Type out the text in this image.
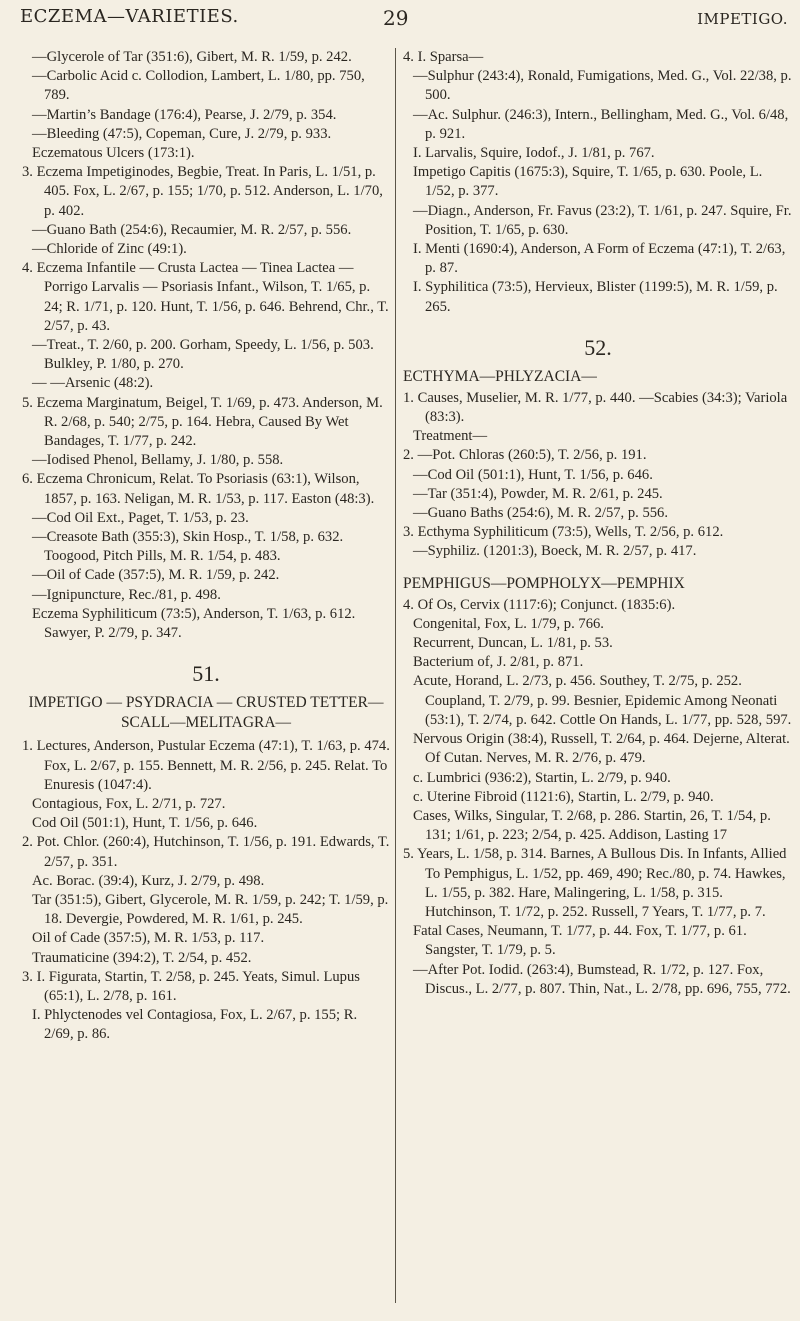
ECZEMA—VARIETIES.	29	IMPETIGO.

—Glycerole of Tar (351:6), Gibert, M. R. 1/59, p. 242.

—Carbolic Acid c. Collodion, Lambert, L. 1/80, pp. 750, 789.

—Martin’s Bandage (176:4), Pearse, J. 2/79, p. 354.

—Bleeding (47:5), Copeman, Cure, J. 2/79, p. 933.

Eczematous Ulcers (173:1).

3. Eczema Impetiginodes, Begbie, Treat. In Paris, L. 1/51, p. 405. Fox, L. 2/67, p. 155; 1/70, p. 512. Anderson, L. 1/70, p. 402.

—Guano Bath (254:6), Recaumier, M. R. 2/57, p. 556.

—Chloride of Zinc (49:1).

4. Eczema Infantile — Crusta Lactea — Tinea Lactea — Porrigo Larvalis — Psoriasis Infant., Wilson, T. 1/65, p. 24; R. 1/71, p. 120. Hunt, T. 1/56, p. 646. Behrend, Chr., T. 2/57, p. 43.

—Treat., T. 2/60, p. 200. Gorham, Speedy, L. 1/56, p. 503. Bulkley, P. 1/80, p. 270.

— —Arsenic (48:2).

5. Eczema Marginatum, Beigel, T. 1/69, p. 473. Anderson, M. R. 2/68, p. 540; 2/75, p. 164. Hebra, Caused By Wet Bandages, T. 1/77, p. 242.

—Iodised Phenol, Bellamy, J. 1/80, p. 558.

6. Eczema Chronicum, Relat. To Psoriasis (63:1), Wilson, 1857, p. 163. Neligan, M. R. 1/53, p. 117. Easton (48:3).

—Cod Oil Ext., Paget, T. 1/53, p. 23.

—Creasote Bath (355:3), Skin Hosp., T. 1/58, p. 632. Toogood, Pitch Pills, M. R. 1/54, p. 483.

—Oil of Cade (357:5), M. R. 1/59, p. 242.

—Ignipuncture, Rec./81, p. 498.

Eczema Syphiliticum (73:5), Anderson, T. 1/63, p. 612. Sawyer, P. 2/79, p. 347.

51.
IMPETIGO — PSYDRACIA — CRUSTED TETTER—SCALL—MELITAGRA—

1. Lectures, Anderson, Pustular Eczema (47:1), T. 1/63, p. 474. Fox, L. 2/67, p. 155. Bennett, M. R. 2/56, p. 245. Relat. To Enuresis (1047:4).

Contagious, Fox, L. 2/71, p. 727.

Cod Oil (501:1), Hunt, T. 1/56, p. 646.

2. Pot. Chlor. (260:4), Hutchinson, T. 1/56, p. 191. Edwards, T. 2/57, p. 351.

Ac. Borac. (39:4), Kurz, J. 2/79, p. 498.

Tar (351:5), Gibert, Glycerole, M. R. 1/59, p. 242; T. 1/59, p. 18. Devergie, Powdered, M. R. 1/61, p. 245.

Oil of Cade (357:5), M. R. 1/53, p. 117.

Traumaticine (394:2), T. 2/54, p. 452.

3. I. Figurata, Startin, T. 2/58, p. 245. Yeats, Simul. Lupus (65:1), L. 2/78, p. 161.

I. Phlyctenodes vel Contagiosa, Fox, L. 2/67, p. 155; R. 2/69, p. 86.

4. I. Sparsa—

—Sulphur (243:4), Ronald, Fumigations, Med. G., Vol. 22/38, p. 500.

—Ac. Sulphur. (246:3), Intern., Bellingham, Med. G., Vol. 6/48, p. 921.

I. Larvalis, Squire, Iodof., J. 1/81, p. 767.

Impetigo Capitis (1675:3), Squire, T. 1/65, p. 630. Poole, L. 1/52, p. 377.

—Diagn., Anderson, Fr. Favus (23:2), T. 1/61, p. 247. Squire, Fr. Position, T. 1/65, p. 630.

I. Menti (1690:4), Anderson, A Form of Eczema (47:1), T. 2/63, p. 87.

I. Syphilitica (73:5), Hervieux, Blister (1199:5), M. R. 1/59, p. 265.

52.
ECTHYMA—PHLYZACIA—

1. Causes, Muselier, M. R. 1/77, p. 440. —Scabies (34:3); Variola (83:3).

Treatment—

2. —Pot. Chloras (260:5), T. 2/56, p. 191.

—Cod Oil (501:1), Hunt, T. 1/56, p. 646.

—Tar (351:4), Powder, M. R. 2/61, p. 245.

—Guano Baths (254:6), M. R. 2/57, p. 556.

3. Ecthyma Syphiliticum (73:5), Wells, T. 2/56, p. 612.

—Syphiliz. (1201:3), Boeck, M. R. 2/57, p. 417.

PEMPHIGUS—POMPHOLYX—PEMPHIX

4. Of Os, Cervix (1117:6); Conjunct. (1835:6).

Congenital, Fox, L. 1/79, p. 766.

Recurrent, Duncan, L. 1/81, p. 53.

Bacterium of, J. 2/81, p. 871.

Acute, Horand, L. 2/73, p. 456. Southey, T. 2/75, p. 252. Coupland, T. 2/79, p. 99. Besnier, Epidemic Among Neonati (53:1), T. 2/74, p. 642. Cottle On Hands, L. 1/77, pp. 528, 597.

Nervous Origin (38:4), Russell, T. 2/64, p. 464. Dejerne, Alterat. Of Cutan. Nerves, M. R. 2/76, p. 479.

c. Lumbrici (936:2), Startin, L. 2/79, p. 940.

c. Uterine Fibroid (1121:6), Startin, L. 2/79, p. 940.

Cases, Wilks, Singular, T. 2/68, p. 286. Startin, 26, T. 1/54, p. 131; 1/61, p. 223; 2/54, p. 425. Addison, Lasting 17

5. Years, L. 1/58, p. 314. Barnes, A Bullous Dis. In Infants, Allied To Pemphigus, L. 1/52, pp. 469, 490; Rec./80, p. 74. Hawkes, L. 1/55, p. 382. Hare, Malingering, L. 1/58, p. 315. Hutchinson, T. 1/72, p. 252. Russell, 7 Years, T. 1/77, p. 7.

Fatal Cases, Neumann, T. 1/77, p. 44. Fox, T. 1/77, p. 61. Sangster, T. 1/79, p. 5.

—After Pot. Iodid. (263:4), Bumstead, R. 1/72, p. 127. Fox, Discus., L. 2/77, p. 807. Thin, Nat., L. 2/78, pp. 696, 755, 772.
